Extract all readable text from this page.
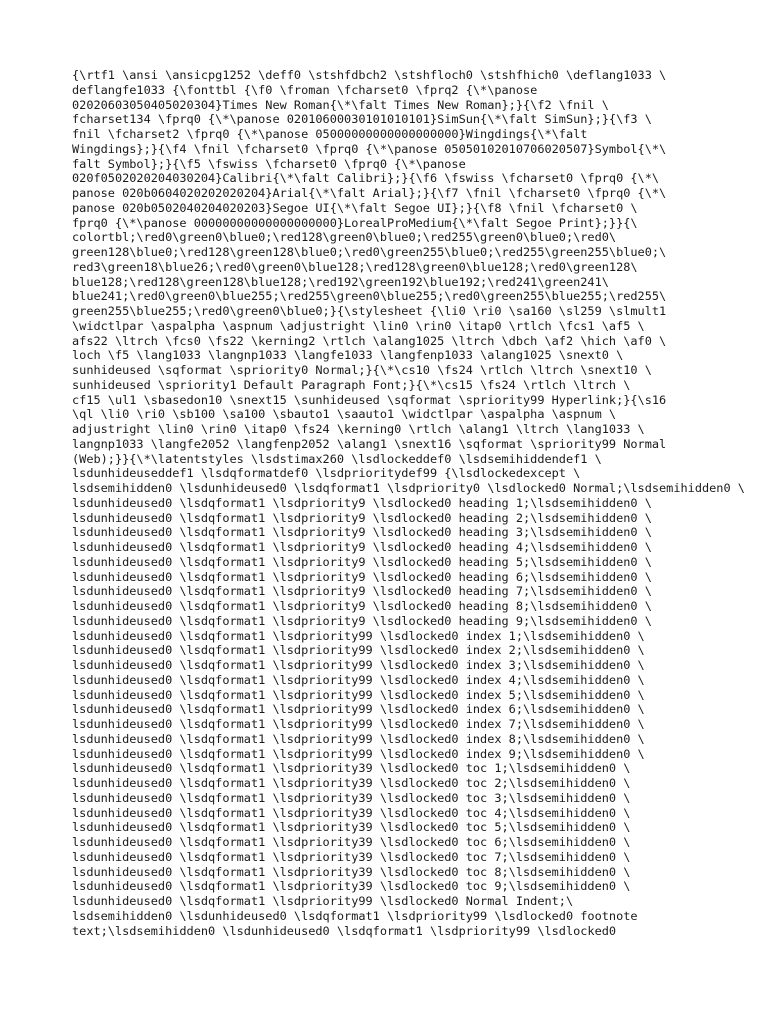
{\rtf1 \ansi \ansicpg1252 \deff0 \stshfdbch2 \stshfloch0 \stshfhich0 \deflang1033 \
deflangfe1033 {\fonttbl {\f0 \froman \fcharset0 \fprq2 {\*\panose
02020603050405020304}Times New Roman{\*\falt Times New Roman};}{\f2 \fnil \
fcharset134 \fprq0 {\*\panose 02010600030101010101}SimSun{\*\falt SimSun};}{\f3 \
fnil \fcharset2 \fprq0 {\*\panose 05000000000000000000}Wingdings{\*\falt
Wingdings};}{\f4 \fnil \fcharset0 \fprq0 {\*\panose 05050102010706020507}Symbol{\*\
falt Symbol};}{\f5 \fswiss \fcharset0 \fprq0 {\*\panose
020f0502020204030204}Calibri{\*\falt Calibri};}{\f6 \fswiss \fcharset0 \fprq0 {\*\
panose 020b0604020202020204}Arial{\*\falt Arial};}{\f7 \fnil \fcharset0 \fprq0 {\*\
panose 020b0502040204020203}Segoe UI{\*\falt Segoe UI};}{\f8 \fnil \fcharset0 \
fprq0 {\*\panose 00000000000000000000}LorealProMedium{\*\falt Segoe Print};}}{\
colortbl;\red0\green0\blue0;\red128\green0\blue0;\red255\green0\blue0;\red0\
green128\blue0;\red128\green128\blue0;\red0\green255\blue0;\red255\green255\blue0;\
red3\green18\blue26;\red0\green0\blue128;\red128\green0\blue128;\red0\green128\
blue128;\red128\green128\blue128;\red192\green192\blue192;\red241\green241\
blue241;\red0\green0\blue255;\red255\green0\blue255;\red0\green255\blue255;\red255\
green255\blue255;\red0\green0\blue0;}{\stylesheet {\li0 \ri0 \sa160 \sl259 \slmult1
\widctlpar \aspalpha \aspnum \adjustright \lin0 \rin0 \itap0 \rtlch \fcs1 \af5 \
afs22 \ltrch \fcs0 \fs22 \kerning2 \rtlch \alang1025 \ltrch \dbch \af2 \hich \af0 \
loch \f5 \lang1033 \langnp1033 \langfe1033 \langfenp1033 \alang1025 \snext0 \
sunhideused \sqformat \spriority0 Normal;}{\*\cs10 \fs24 \rtlch \ltrch \snext10 \
sunhideused \spriority1 Default Paragraph Font;}{\*\cs15 \fs24 \rtlch \ltrch \
cf15 \ul1 \sbasedon10 \snext15 \sunhideused \sqformat \spriority99 Hyperlink;}{\s16
\ql \li0 \ri0 \sb100 \sa100 \sbauto1 \saauto1 \widctlpar \aspalpha \aspnum \
adjustright \lin0 \rin0 \itap0 \fs24 \kerning0 \rtlch \alang1 \ltrch \lang1033 \
langnp1033 \langfe2052 \langfenp2052 \alang1 \snext16 \sqformat \spriority99 Normal
(Web);}}{\*\latentstyles \lsdstimax260 \lsdlockeddef0 \lsdsemihiddendef1 \
lsdunhideuseddef1 \lsdqformatdef0 \lsdprioritydef99 {\lsdlockedexcept \
lsdsemihidden0 \lsdunhideused0 \lsdqformat1 \lsdpriority0 \lsdlocked0 Normal;\lsdsemihidden0 \
lsdunhideused0 \lsdqformat1 \lsdpriority9 \lsdlocked0 heading 1;\lsdsemihidden0 \
lsdunhideused0 \lsdqformat1 \lsdpriority9 \lsdlocked0 heading 2;\lsdsemihidden0 \
lsdunhideused0 \lsdqformat1 \lsdpriority9 \lsdlocked0 heading 3;\lsdsemihidden0 \
lsdunhideused0 \lsdqformat1 \lsdpriority9 \lsdlocked0 heading 4;\lsdsemihidden0 \
lsdunhideused0 \lsdqformat1 \lsdpriority9 \lsdlocked0 heading 5;\lsdsemihidden0 \
lsdunhideused0 \lsdqformat1 \lsdpriority9 \lsdlocked0 heading 6;\lsdsemihidden0 \
lsdunhideused0 \lsdqformat1 \lsdpriority9 \lsdlocked0 heading 7;\lsdsemihidden0 \
lsdunhideused0 \lsdqformat1 \lsdpriority9 \lsdlocked0 heading 8;\lsdsemihidden0 \
lsdunhideused0 \lsdqformat1 \lsdpriority9 \lsdlocked0 heading 9;\lsdsemihidden0 \
lsdunhideused0 \lsdqformat1 \lsdpriority99 \lsdlocked0 index 1;\lsdsemihidden0 \
lsdunhideused0 \lsdqformat1 \lsdpriority99 \lsdlocked0 index 2;\lsdsemihidden0 \
lsdunhideused0 \lsdqformat1 \lsdpriority99 \lsdlocked0 index 3;\lsdsemihidden0 \
lsdunhideused0 \lsdqformat1 \lsdpriority99 \lsdlocked0 index 4;\lsdsemihidden0 \
lsdunhideused0 \lsdqformat1 \lsdpriority99 \lsdlocked0 index 5;\lsdsemihidden0 \
lsdunhideused0 \lsdqformat1 \lsdpriority99 \lsdlocked0 index 6;\lsdsemihidden0 \
lsdunhideused0 \lsdqformat1 \lsdpriority99 \lsdlocked0 index 7;\lsdsemihidden0 \
lsdunhideused0 \lsdqformat1 \lsdpriority99 \lsdlocked0 index 8;\lsdsemihidden0 \
lsdunhideused0 \lsdqformat1 \lsdpriority99 \lsdlocked0 index 9;\lsdsemihidden0 \
lsdunhideused0 \lsdqformat1 \lsdpriority39 \lsdlocked0 toc 1;\lsdsemihidden0 \
lsdunhideused0 \lsdqformat1 \lsdpriority39 \lsdlocked0 toc 2;\lsdsemihidden0 \
lsdunhideused0 \lsdqformat1 \lsdpriority39 \lsdlocked0 toc 3;\lsdsemihidden0 \
lsdunhideused0 \lsdqformat1 \lsdpriority39 \lsdlocked0 toc 4;\lsdsemihidden0 \
lsdunhideused0 \lsdqformat1 \lsdpriority39 \lsdlocked0 toc 5;\lsdsemihidden0 \
lsdunhideused0 \lsdqformat1 \lsdpriority39 \lsdlocked0 toc 6;\lsdsemihidden0 \
lsdunhideused0 \lsdqformat1 \lsdpriority39 \lsdlocked0 toc 7;\lsdsemihidden0 \
lsdunhideused0 \lsdqformat1 \lsdpriority39 \lsdlocked0 toc 8;\lsdsemihidden0 \
lsdunhideused0 \lsdqformat1 \lsdpriority39 \lsdlocked0 toc 9;\lsdsemihidden0 \
lsdunhideused0 \lsdqformat1 \lsdpriority99 \lsdlocked0 Normal Indent;\
lsdsemihidden0 \lsdunhideused0 \lsdqformat1 \lsdpriority99 \lsdlocked0 footnote
text;\lsdsemihidden0 \lsdunhideused0 \lsdqformat1 \lsdpriority99 \lsdlocked0
